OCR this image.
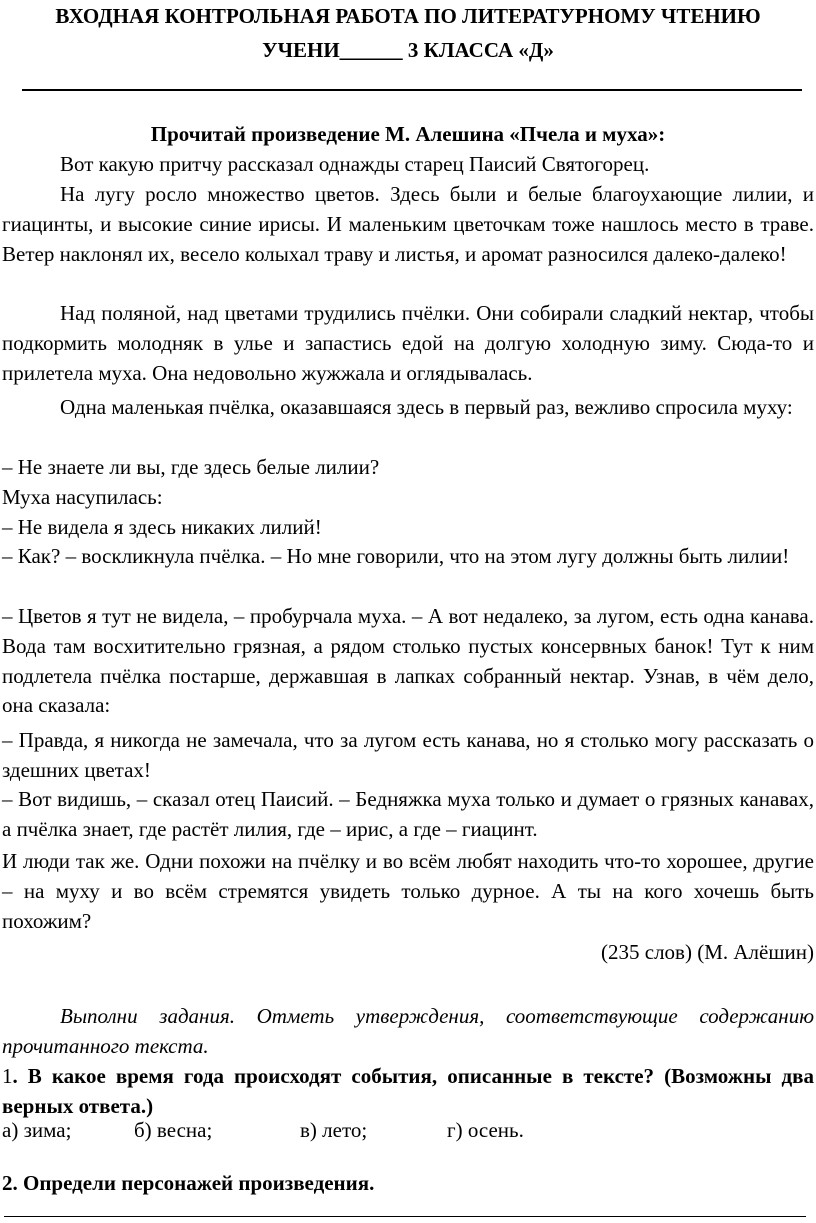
ВХОДНАЯ КОНТРОЛЬНАЯ РАБОТА ПО ЛИТЕРАТУРНОМУ ЧТЕНИЮ
УЧЕНИ______ 3 КЛАССА «Д»

Прочитай произведение М. Алешина «Пчела и муха»:

Вот какую притчу рассказал однажды старец Паисий Святогорец.

На лугу росло множество цветов. Здесь были и белые благоухающие лилии, и гиацинты, и высокие синие ирисы. И маленьким цветочкам тоже нашлось место в траве. Ветер наклонял их, весело колыхал траву и листья, и аромат разносился далеко-далеко!

Над поляной, над цветами трудились пчёлки. Они собирали сладкий нектар, чтобы подкормить молодняк в улье и запастись едой на долгую холодную зиму. Сюда-то и прилетела муха. Она недовольно жужжала и оглядывалась.

Одна маленькая пчёлка, оказавшаяся здесь в первый раз, вежливо спросила муху:

– Не знаете ли вы, где здесь белые лилии?

Муха насупилась:

– Не видела я здесь никаких лилий!

– Как? – воскликнула пчёлка. – Но мне говорили, что на этом лугу должны быть лилии!

– Цветов я тут не видела, – пробурчала муха. – А вот недалеко, за лугом, есть одна канава. Вода там восхитительно грязная, а рядом столько пустых консервных банок! Тут к ним подлетела пчёлка постарше, державшая в лапках собранный нектар. Узнав, в чём дело, она сказала:

– Правда, я никогда не замечала, что за лугом есть канава, но я столько могу рассказать о здешних цветах!

– Вот видишь, – сказал отец Паисий. – Бедняжка муха только и думает о грязных канавах, а пчёлка знает, где растёт лилия, где – ирис, а где – гиацинт.

И люди так же. Одни похожи на пчёлку и во всём любят находить что-то хорошее, другие – на муху и во всём стремятся увидеть только дурное. А ты на кого хочешь быть похожим?

(235 слов) (М. Алёшин)

Выполни задания. Отметь утверждения, соответствующие содержанию прочитанного текста.

1. В какое время года происходят события, описанные в тексте? (Возможны два верных ответа.)

а) зима;	б) весна;	в) лето;	г) осень.

2. Определи персонажей произведения.
